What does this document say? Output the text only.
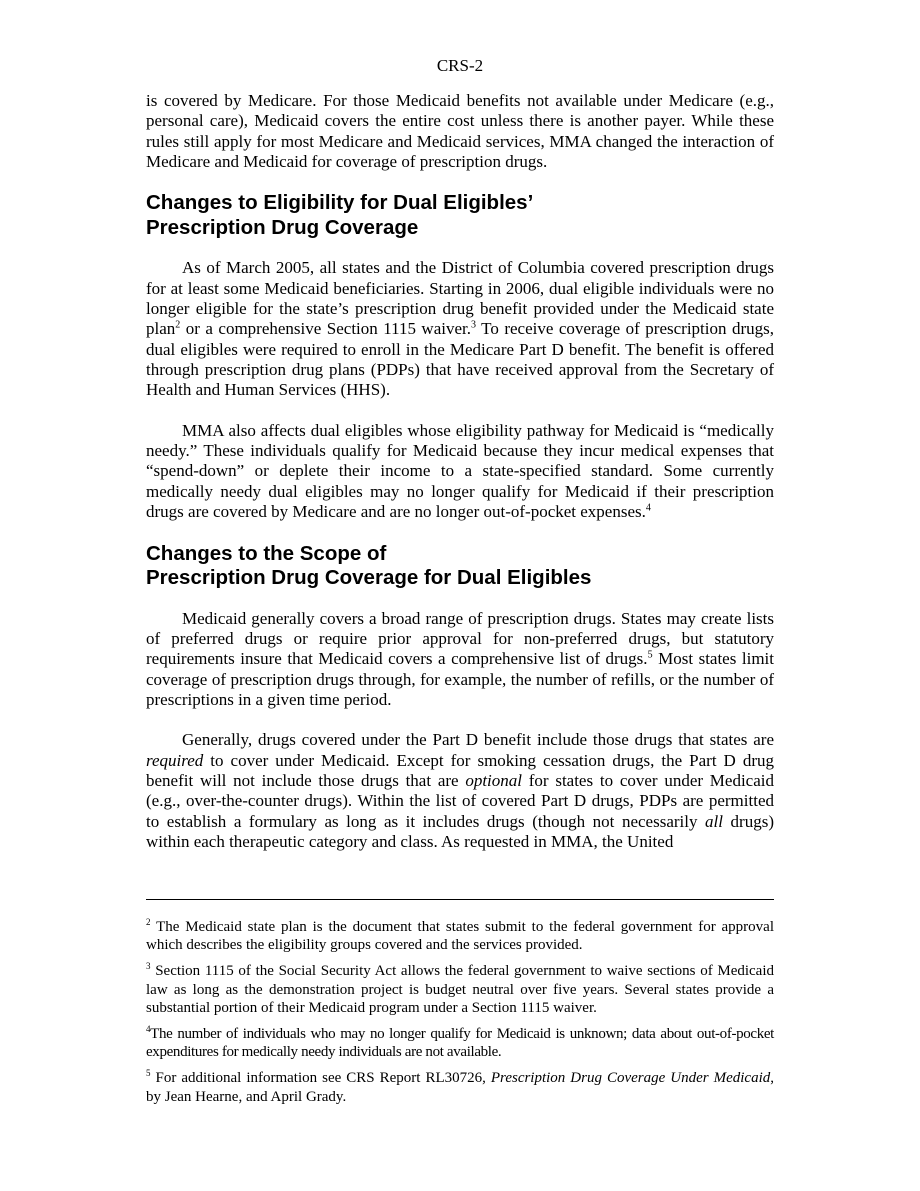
CRS-2

is covered by Medicare. For those Medicaid benefits not available under Medicare (e.g., personal care), Medicaid covers the entire cost unless there is another payer. While these rules still apply for most Medicare and Medicaid services, MMA changed the interaction of Medicare and Medicaid for coverage of prescription drugs.

Changes to Eligibility for Dual Eligibles’
Prescription Drug Coverage

As of March 2005, all states and the District of Columbia covered prescription drugs for at least some Medicaid beneficiaries. Starting in 2006, dual eligible individuals were no longer eligible for the state’s prescription drug benefit provided under the Medicaid state plan$^2$ or a comprehensive Section 1115 waiver.$^3$ To receive coverage of prescription drugs, dual eligibles were required to enroll in the Medicare Part D benefit. The benefit is offered through prescription drug plans (PDPs) that have received approval from the Secretary of Health and Human Services (HHS).

MMA also affects dual eligibles whose eligibility pathway for Medicaid is “medically needy.” These individuals qualify for Medicaid because they incur medical expenses that “spend-down” or deplete their income to a state-specified standard. Some currently medically needy dual eligibles may no longer qualify for Medicaid if their prescription drugs are covered by Medicare and are no longer out-of-pocket expenses.$^4$

Changes to the Scope of
Prescription Drug Coverage for Dual Eligibles

Medicaid generally covers a broad range of prescription drugs. States may create lists of preferred drugs or require prior approval for non-preferred drugs, but statutory requirements insure that Medicaid covers a comprehensive list of drugs.$^5$ Most states limit coverage of prescription drugs through, for example, the number of refills, or the number of prescriptions in a given time period.

Generally, drugs covered under the Part D benefit include those drugs that states are required to cover under Medicaid. Except for smoking cessation drugs, the Part D drug benefit will not include those drugs that are optional for states to cover under Medicaid (e.g., over-the-counter drugs). Within the list of covered Part D drugs, PDPs are permitted to establish a formulary as long as it includes drugs (though not necessarily all drugs) within each therapeutic category and class. As requested in MMA, the United

$^2$ The Medicaid state plan is the document that states submit to the federal government for approval which describes the eligibility groups covered and the services provided.
$^3$ Section 1115 of the Social Security Act allows the federal government to waive sections of Medicaid law as long as the demonstration project is budget neutral over five years. Several states provide a substantial portion of their Medicaid program under a Section 1115 waiver.
$^4$The number of individuals who may no longer qualify for Medicaid is unknown; data about out-of-pocket expenditures for medically needy individuals are not available.
$^5$ For additional information see CRS Report RL30726, Prescription Drug Coverage Under Medicaid, by Jean Hearne, and April Grady.
